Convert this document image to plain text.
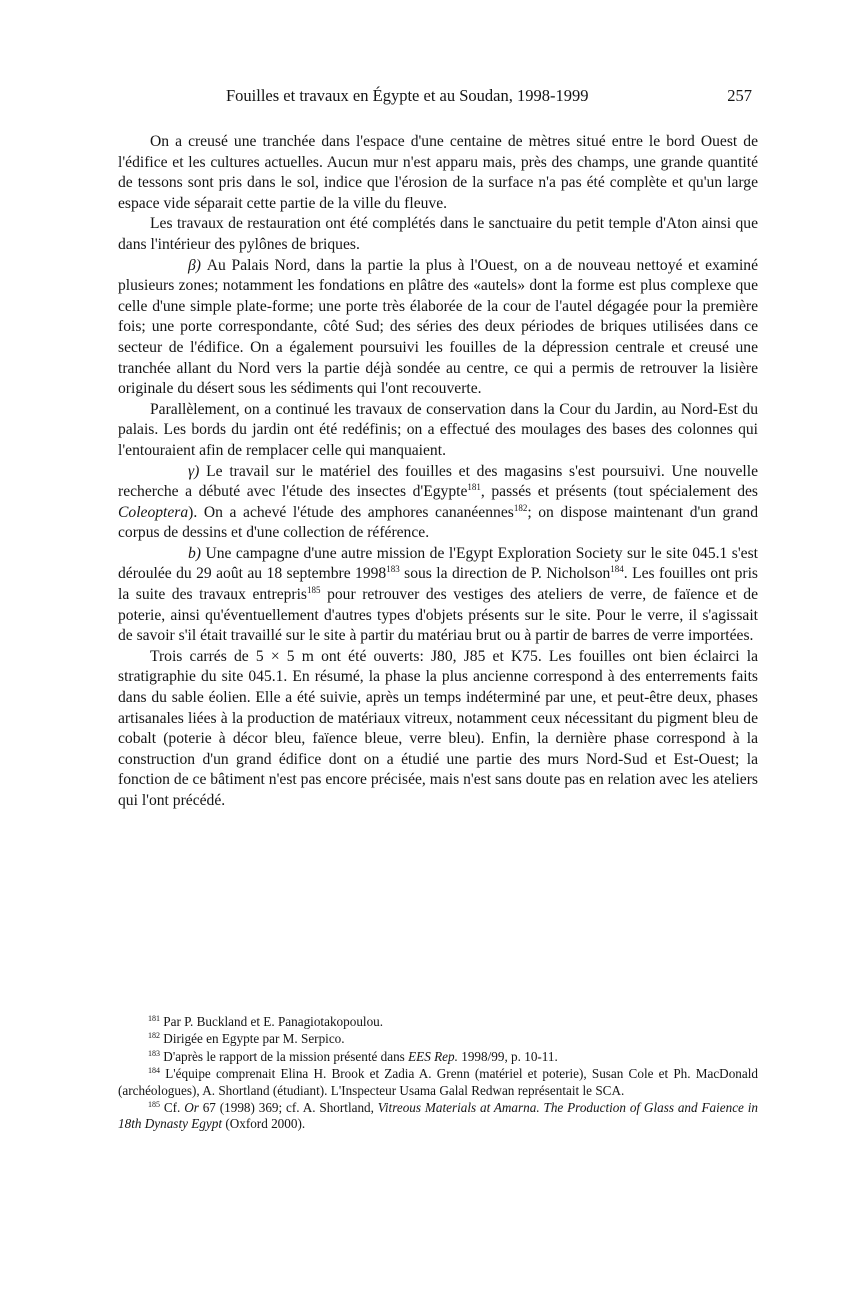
Fouilles et travaux en Égypte et au Soudan, 1998-1999	257

On a creusé une tranchée dans l'espace d'une centaine de mètres situé entre le bord Ouest de l'édifice et les cultures actuelles. Aucun mur n'est apparu mais, près des champs, une grande quantité de tessons sont pris dans le sol, indice que l'érosion de la surface n'a pas été complète et qu'un large espace vide séparait cette partie de la ville du fleuve.

Les travaux de restauration ont été complétés dans le sanctuaire du petit temple d'Aton ainsi que dans l'intérieur des pylônes de briques.

β) Au Palais Nord, dans la partie la plus à l'Ouest, on a de nouveau nettoyé et examiné plusieurs zones; notamment les fondations en plâtre des «autels» dont la forme est plus complexe que celle d'une simple plate-forme; une porte très élaborée de la cour de l'autel dégagée pour la première fois; une porte correspondante, côté Sud; des séries des deux périodes de briques utilisées dans ce secteur de l'édifice. On a également poursuivi les fouilles de la dépression centrale et creusé une tranchée allant du Nord vers la partie déjà sondée au centre, ce qui a permis de retrouver la lisière originale du désert sous les sédiments qui l'ont recouverte.

Parallèlement, on a continué les travaux de conservation dans la Cour du Jardin, au Nord-Est du palais. Les bords du jardin ont été redéfinis; on a effectué des moulages des bases des colonnes qui l'entouraient afin de remplacer celle qui manquaient.

γ) Le travail sur le matériel des fouilles et des magasins s'est poursuivi. Une nouvelle recherche a débuté avec l'étude des insectes d'Egypte$^{181}$, passés et présents (tout spécialement des Coleoptera). On a achevé l'étude des amphores cananéennes$^{182}$; on dispose maintenant d'un grand corpus de dessins et d'une collection de référence.

b) Une campagne d'une autre mission de l'Egypt Exploration Society sur le site 045.1 s'est déroulée du 29 août au 18 septembre 1998$^{183}$ sous la direction de P. Nicholson$^{184}$. Les fouilles ont pris la suite des travaux entrepris$^{185}$ pour retrouver des vestiges des ateliers de verre, de faïence et de poterie, ainsi qu'éventuellement d'autres types d'objets présents sur le site. Pour le verre, il s'agissait de savoir s'il était travaillé sur le site à partir du matériau brut ou à partir de barres de verre importées.

Trois carrés de 5 × 5 m ont été ouverts: J80, J85 et K75. Les fouilles ont bien éclairci la stratigraphie du site 045.1. En résumé, la phase la plus ancienne correspond à des enterrements faits dans du sable éolien. Elle a été suivie, après un temps indéterminé par une, et peut-être deux, phases artisanales liées à la production de matériaux vitreux, notamment ceux nécessitant du pigment bleu de cobalt (poterie à décor bleu, faïence bleue, verre bleu). Enfin, la dernière phase correspond à la construction d'un grand édifice dont on a étudié une partie des murs Nord-Sud et Est-Ouest; la fonction de ce bâtiment n'est pas encore précisée, mais n'est sans doute pas en relation avec les ateliers qui l'ont précédé.

$^{181}$ Par P. Buckland et E. Panagiotakopoulou.

$^{182}$ Dirigée en Egypte par M. Serpico.

$^{183}$ D'après le rapport de la mission présenté dans EES Rep. 1998/99, p. 10-11.

$^{184}$ L'équipe comprenait Elina H. Brook et Zadia A. Grenn (matériel et poterie), Susan Cole et Ph. MacDonald (archéologues), A. Shortland (étudiant). L'Inspecteur Usama Galal Redwan représentait le SCA.

$^{185}$ Cf. Or 67 (1998) 369; cf. A. Shortland, Vitreous Materials at Amarna. The Production of Glass and Faience in 18th Dynasty Egypt (Oxford 2000).
